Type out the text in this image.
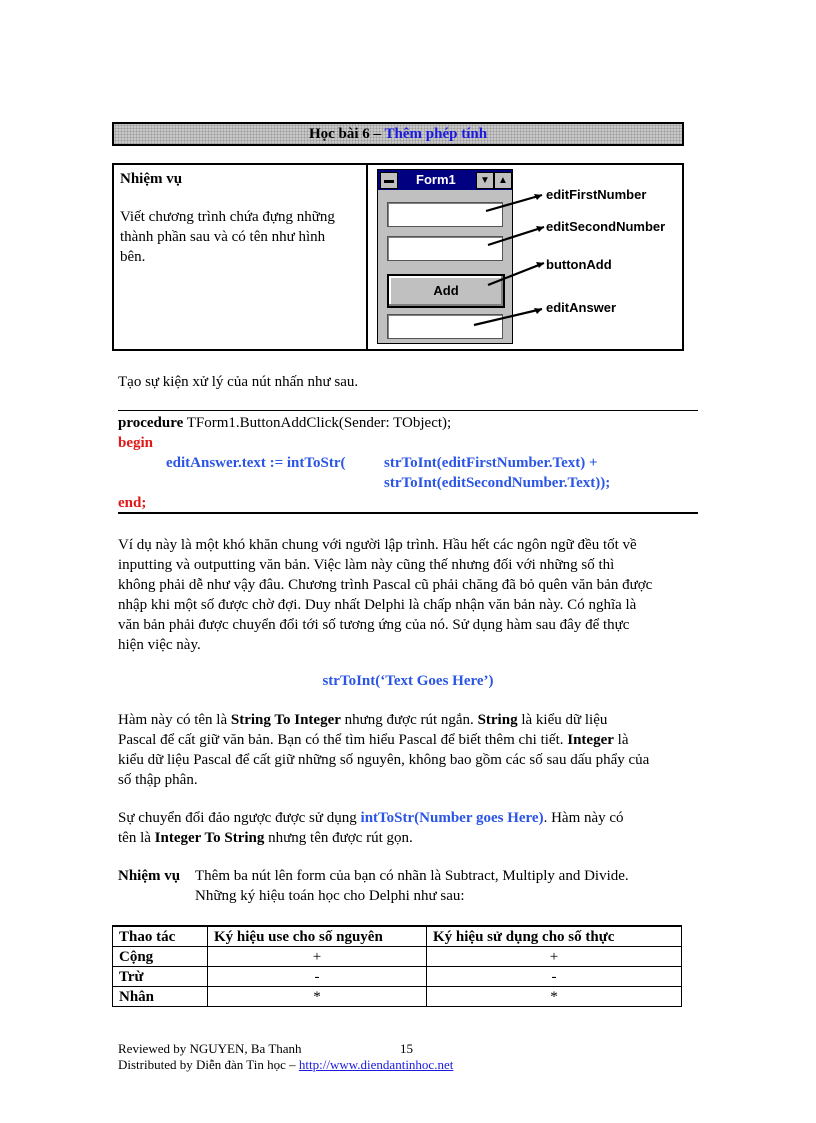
Học bài 6 – Thêm phép tính
Nhiệm vụ
Viết chương trình chứa đựng những
thành phần sau và có tên như hình
bên.
▬	Form1	▼ ▲
Add
editFirstNumber
editSecondNumber
buttonAdd
editAnswer
Tạo sự kiện xử lý của nút nhấn như sau.
procedure TForm1.ButtonAddClick(Sender: TObject);
begin
editAnswer.text := intToStr(	strToInt(editFirstNumber.Text) +
strToInt(editSecondNumber.Text));
end;
Ví dụ này là một khó khăn chung với người lập trình. Hầu hết các ngôn ngữ đều tốt về
inputting và outputting văn bản. Việc làm này cũng thế nhưng đối với những số thì
không phải dễ như vậy đâu. Chương trình Pascal cũ phải chăng đã bỏ quên văn bản được
nhập khi một số được chờ đợi. Duy nhất Delphi là chấp nhận văn bản này. Có nghĩa là
văn bản phải được chuyển đổi tới số tương ứng của nó. Sử dụng hàm sau đây để thực
hiện việc này.
strToInt(‘Text Goes Here’)
Hàm này có tên là String To Integer nhưng được rút ngắn. String là kiểu dữ liệu
Pascal để cất giữ văn bản. Bạn có thể tìm hiểu Pascal để biết thêm chi tiết. Integer là
kiểu dữ liệu Pascal để cất giữ những số nguyên, không bao gồm các số sau dấu phẩy của
số thập phân.
Sự chuyển đổi đảo ngược được sử dụng intToStr(Number goes Here). Hàm này có
tên là Integer To String nhưng tên được rút gọn.
Nhiệm vụ Thêm ba nút lên form của bạn có nhãn là Subtract, Multiply and Divide.
Những ký hiệu toán học cho Delphi như sau:
Thao tác	Ký hiệu use cho số nguyên	Ký hiệu sử dụng cho số thực
Cộng	+	+
Trừ	-	-
Nhân	*	*
Reviewed by NGUYEN, Ba Thanh	15
Distributed by Diễn đàn Tin học – http://www.diendantinhoc.net
